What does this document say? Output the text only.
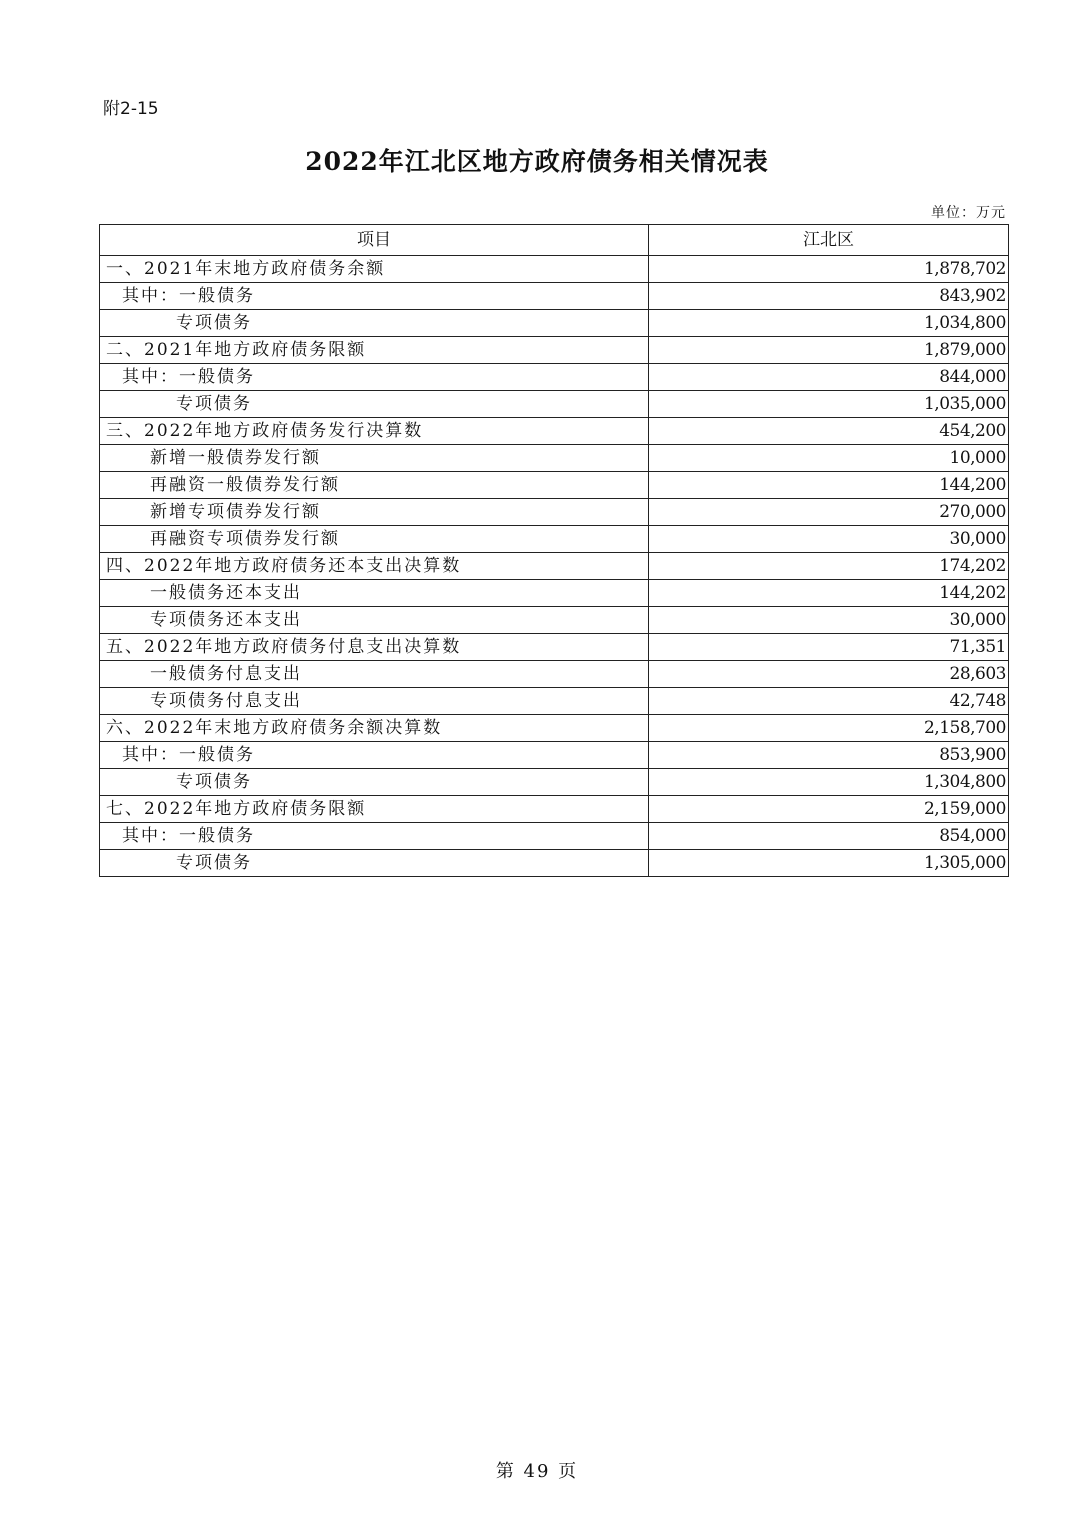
附2-15
2022年江北区地方政府债务相关情况表
单位：万元
项目	江北区
一、2021年末地方政府债务余额	1,878,702
其中：一般债务	843,902
专项债务	1,034,800
二、2021年地方政府债务限额	1,879,000
其中：一般债务	844,000
专项债务	1,035,000
三、2022年地方政府债务发行决算数	454,200
新增一般债券发行额	10,000
再融资一般债券发行额	144,200
新增专项债券发行额	270,000
再融资专项债券发行额	30,000
四、2022年地方政府债务还本支出决算数	174,202
一般债务还本支出	144,202
专项债务还本支出	30,000
五、2022年地方政府债务付息支出决算数	71,351
一般债务付息支出	28,603
专项债务付息支出	42,748
六、2022年末地方政府债务余额决算数	2,158,700
其中：一般债务	853,900
专项债务	1,304,800
七、2022年地方政府债务限额	2,159,000
其中：一般债务	854,000
专项债务	1,305,000
第 49 页
